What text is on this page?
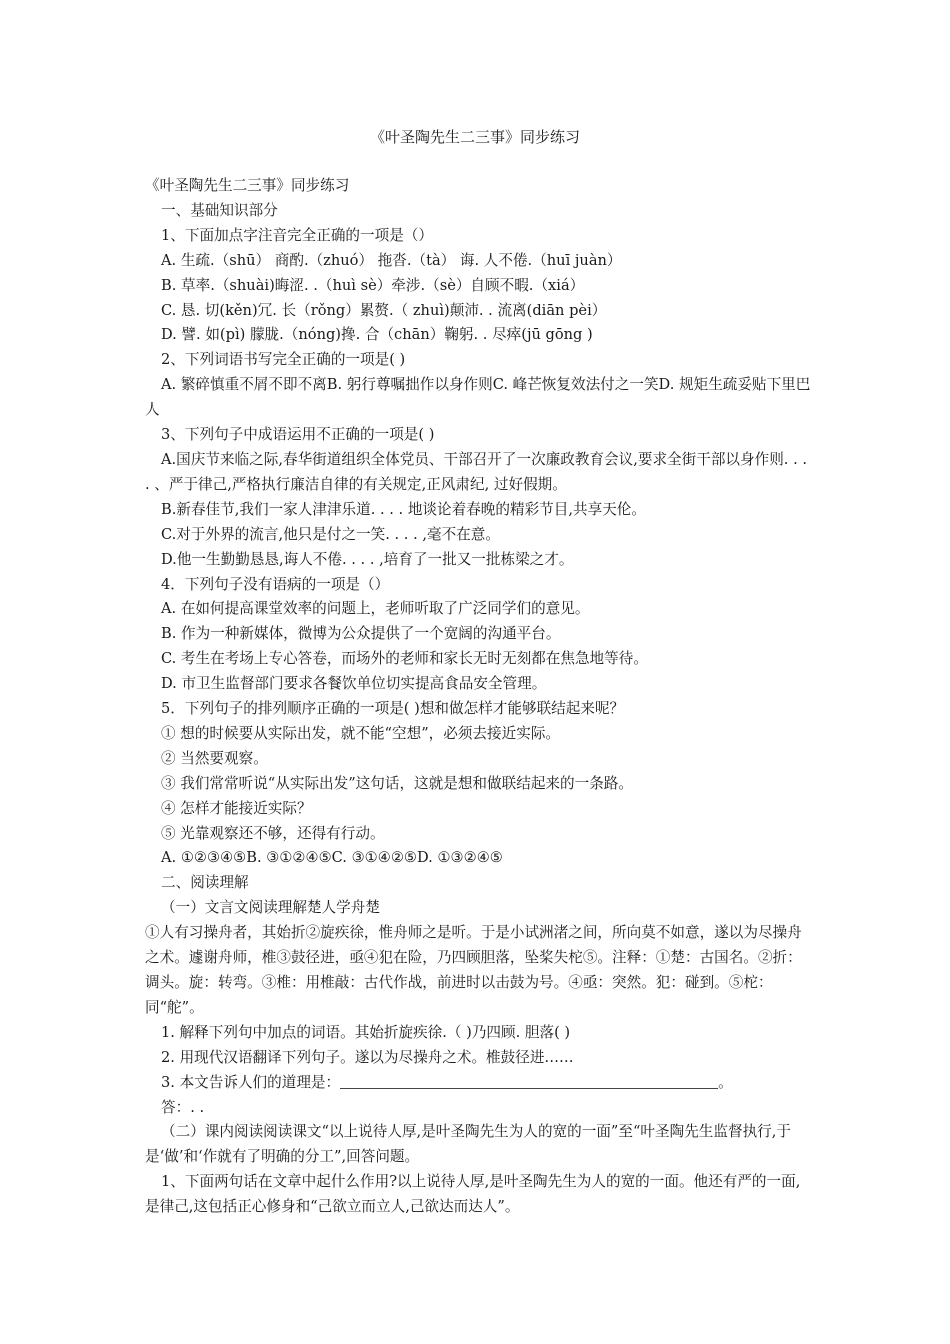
《叶圣陶先生二三事》同步练习

《叶圣陶先生二三事》同步练习

一、基础知识部分

1、下面加点字注音完全正确的一项是（）

A. 生疏.（shū） 商酌.（zhuó） 拖沓.（tà） 诲. 人不倦.（huī juàn）

B. 草率.（shuài)晦涩. .（huì sè）牵涉.（sè）自顾不暇.（xiá）

C. 恳. 切(kěn)冗. 长（rǒng）累赘.（ zhuì)颠沛. . 流离(diān pèi）

D. 譬. 如(pì) 朦胧.（nóng)搀. 合（chān）鞠躬. . 尽瘁(jū gōng )

2、下列词语书写完全正确的一项是( )

A. 繁碎慎重不屑不即不离B. 躬行尊嘱拙作以身作则C. 峰芒恢复效法付之一笑D. 规矩生疏妥贴下里巴人

3、下列句子中成语运用不正确的一项是( )

A.国庆节来临之际,春华街道组织全体党员、干部召开了一次廉政教育会议,要求全街干部以身作则. . . . 、严于律己,严格执行廉洁自律的有关规定,正风肃纪, 过好假期。

B.新春佳节,我们一家人津津乐道. . . . 地谈论着春晚的精彩节目,共享天伦。

C.对于外界的流言,他只是付之一笑. . . . ,毫不在意。

D.他一生勤勤恳恳,诲人不倦. . . . ,培育了一批又一批栋梁之才。

4．下列句子没有语病的一项是（）

A. 在如何提高课堂效率的问题上，老师听取了广泛同学们的意见。

B. 作为一种新媒体，微博为公众提供了一个宽阔的沟通平台。

C. 考生在考场上专心答卷，而场外的老师和家长无时无刻都在焦急地等待。

D. 市卫生监督部门要求各餐饮单位切实提高食品安全管理。

5．下列句子的排列顺序正确的一项是( )想和做怎样才能够联结起来呢？

① 想的时候要从实际出发，就不能“空想”，必须去接近实际。

② 当然要观察。

③ 我们常常听说“从实际出发”这句话，这就是想和做联结起来的一条路。

④ 怎样才能接近实际？

⑤ 光靠观察还不够，还得有行动。

A. ①②③④⑤B. ③①②④⑤C. ③①④②⑤D. ①③②④⑤

二、阅读理解

（一）文言文阅读理解楚人学舟楚

①人有习操舟者，其始折②旋疾徐，惟舟师之是听。于是小试洲渚之间，所向莫不如意，遂以为尽操舟之术。遽谢舟师，椎③鼓径进，亟④犯在险，乃四顾胆落，坠桨失柁⑤。注释：①楚：古国名。②折：调头。旋：转弯。③椎：用椎敲：古代作战，前进时以击鼓为号。④亟：突然。犯：碰到。⑤柁：同“舵”。

1. 解释下列句中加点的词语。其始折旋疾徐.（ )乃四顾. 胆落( )

2. 用现代汉语翻译下列句子。遂以为尽操舟之术。椎鼓径进……

3. 本文告诉人们的道理是：	。

答：. .

（二）课内阅读阅读课文“以上说待人厚,是叶圣陶先生为人的宽的一面”至“叶圣陶先生监督执行,于是‘做’和‘作就有了明确的分工”,回答问题。

1、下面两句话在文章中起什么作用?以上说待人厚,是叶圣陶先生为人的宽的一面。他还有严的一面,是律己,这包括正心修身和“己欲立而立人,己欲达而达人”。
